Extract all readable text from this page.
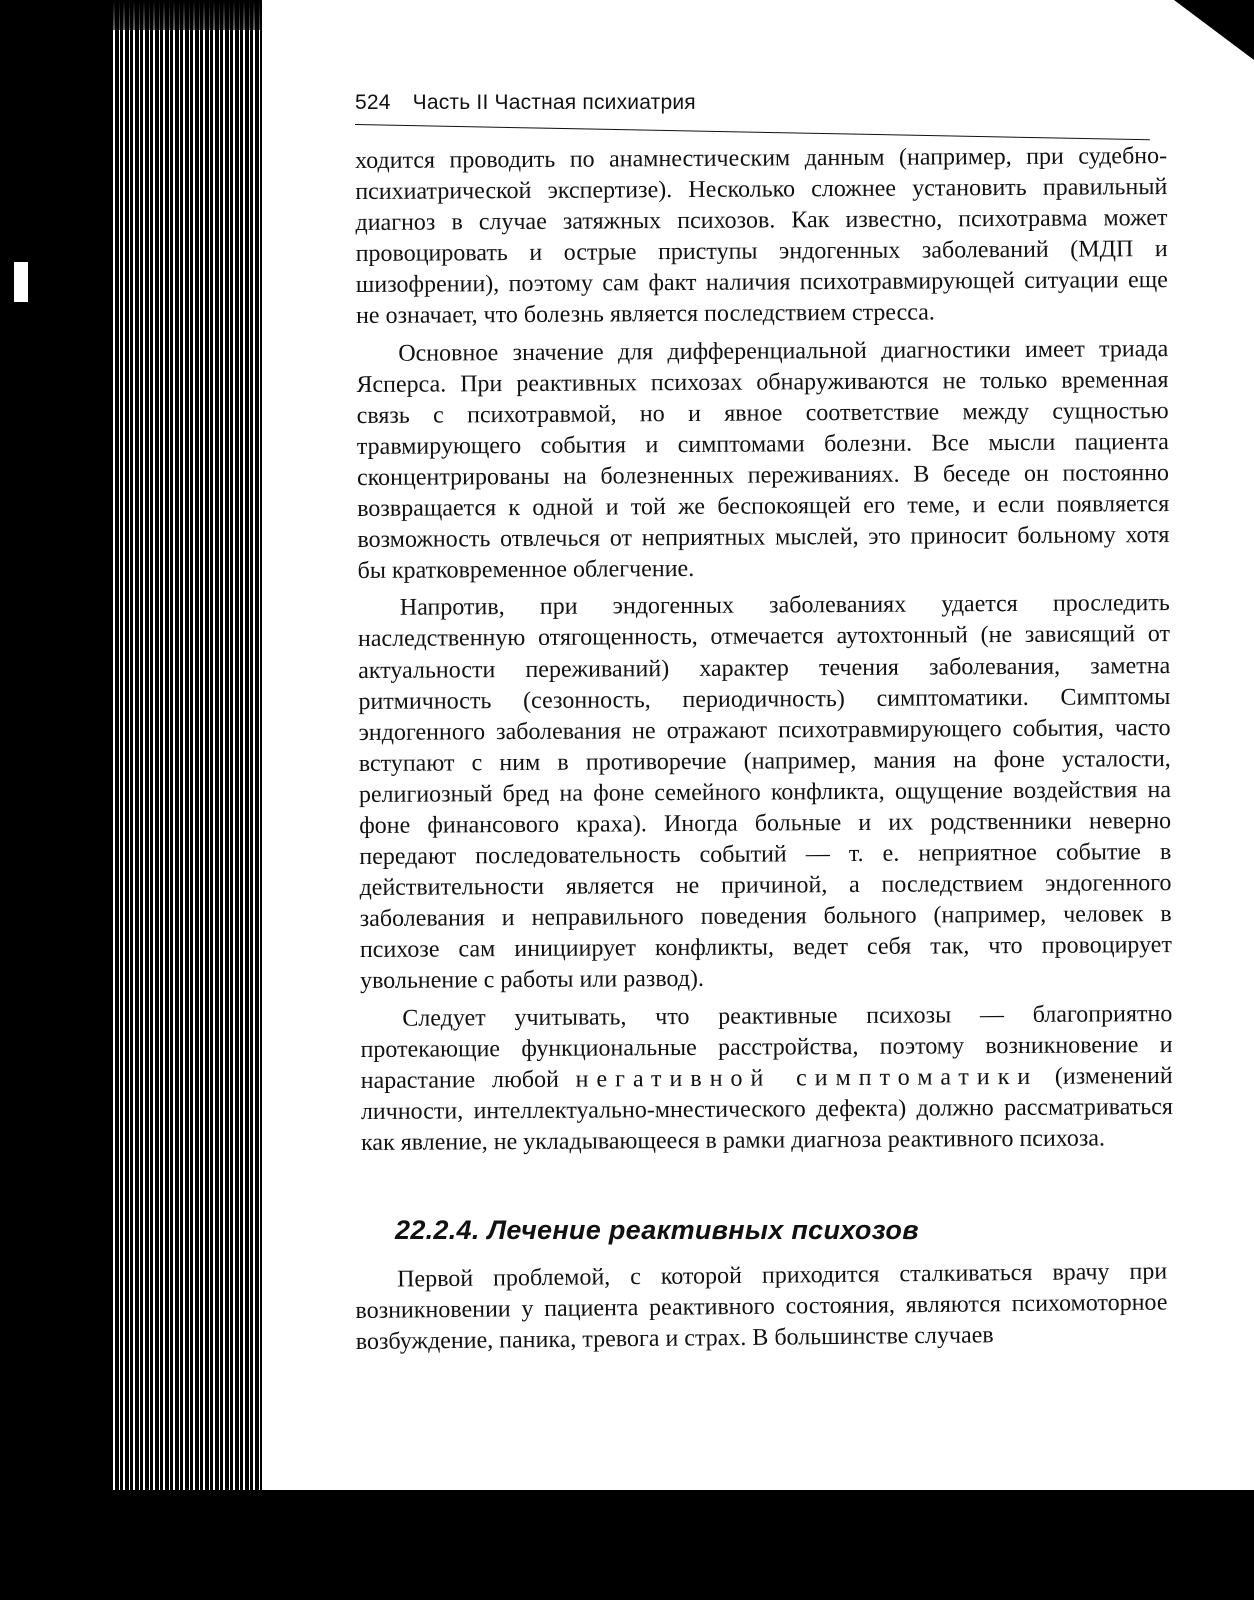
524 Часть II Частная психиатрия

ходится проводить по анамнестическим данным (например, при судебно-психиатрической экспертизе). Несколько сложнее установить правильный диагноз в случае затяжных психозов. Как известно, психотравма может провоцировать и острые приступы эндогенных заболеваний (МДП и шизофрении), поэтому сам факт наличия психотравмирующей ситуации еще не означает, что болезнь является последствием стресса.

Основное значение для дифференциальной диагностики имеет триада Ясперса. При реактивных психозах обнаруживаются не только временная связь с психотравмой, но и явное соответствие между сущностью травмирующего события и симптомами болезни. Все мысли пациента сконцентрированы на болезненных переживаниях. В беседе он постоянно возвращается к одной и той же беспокоящей его теме, и если появляется возможность отвлечься от неприятных мыслей, это приносит больному хотя бы кратковременное облегчение.

Напротив, при эндогенных заболеваниях удается проследить наследственную отягощенность, отмечается аутохтонный (не зависящий от актуальности переживаний) характер течения заболевания, заметна ритмичность (сезонность, периодичность) симптоматики. Симптомы эндогенного заболевания не отражают психотравмирующего события, часто вступают с ним в противоречие (например, мания на фоне усталости, религиозный бред на фоне семейного конфликта, ощущение воздействия на фоне финансового краха). Иногда больные и их родственники неверно передают последовательность событий — т. е. неприятное событие в действительности является не причиной, а последствием эндогенного заболевания и неправильного поведения больного (например, человек в психозе сам инициирует конфликты, ведет себя так, что провоцирует увольнение с работы или развод).

Следует учитывать, что реактивные психозы — благоприятно протекающие функциональные расстройства, поэтому возникновение и нарастание любой негативной симптоматики (изменений личности, интеллектуально-мнестического дефекта) должно рассматриваться как явление, не укладывающееся в рамки диагноза реактивного психоза.

22.2.4. Лечение реактивных психозов

Первой проблемой, с которой приходится сталкиваться врачу при возникновении у пациента реактивного состояния, являются психомоторное возбуждение, паника, тревога и страх. В большинстве случаев
